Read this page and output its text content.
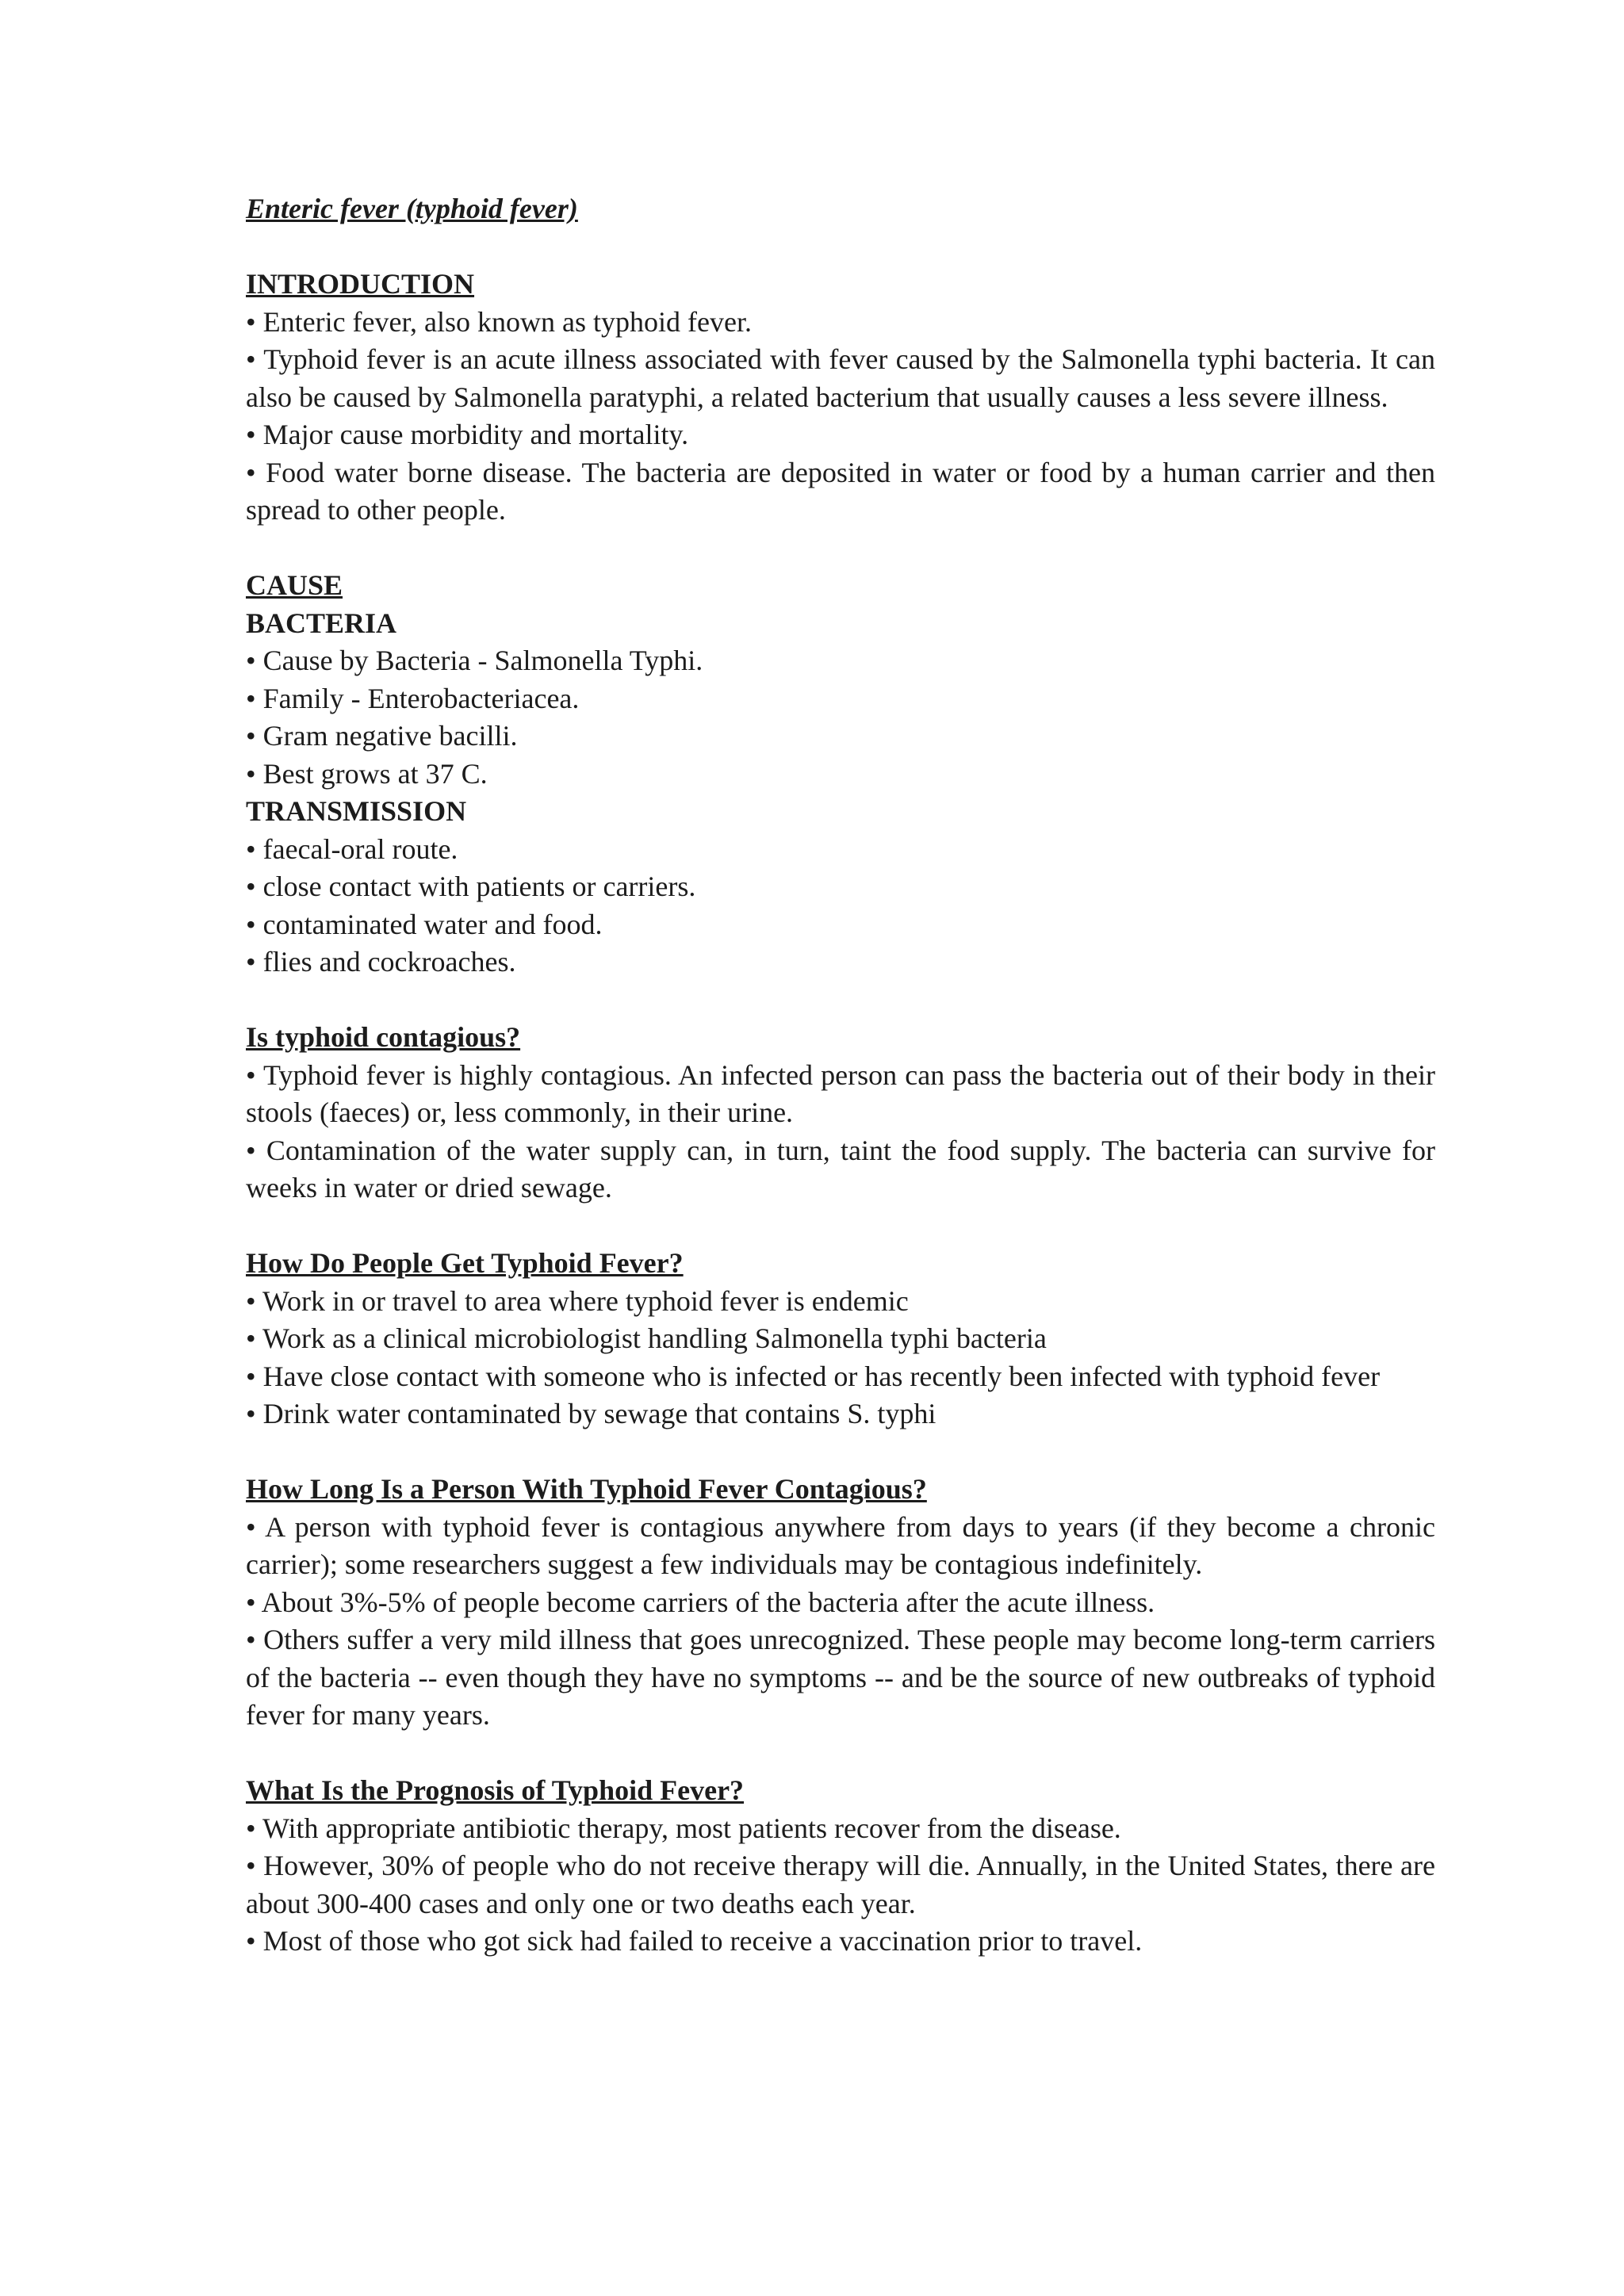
Enteric fever (typhoid fever)

INTRODUCTION

• Enteric fever, also known as typhoid fever.

• Typhoid fever is an acute illness associated with fever caused by the Salmonella typhi bacteria. It can also be caused by Salmonella paratyphi, a related bacterium that usually causes a less severe illness.

• Major cause morbidity and mortality.

• Food water borne disease. The bacteria are deposited in water or food by a human carrier and then spread to other people.

CAUSE

BACTERIA

• Cause by Bacteria - Salmonella Typhi.

• Family - Enterobacteriacea.

• Gram negative bacilli.

• Best grows at 37 C.

TRANSMISSION

• faecal-oral route.

• close contact with patients or carriers.

• contaminated water and food.

• flies and cockroaches.

Is typhoid contagious?

• Typhoid fever is highly contagious. An infected person can pass the bacteria out of their body in their stools (faeces) or, less commonly, in their urine.

• Contamination of the water supply can, in turn, taint the food supply. The bacteria can survive for weeks in water or dried sewage.

How Do People Get Typhoid Fever?

• Work in or travel to area where typhoid fever is endemic

• Work as a clinical microbiologist handling Salmonella typhi bacteria

• Have close contact with someone who is infected or has recently been infected with typhoid fever

• Drink water contaminated by sewage that contains S. typhi

How Long Is a Person With Typhoid Fever Contagious?

• A person with typhoid fever is contagious anywhere from days to years (if they become a chronic carrier); some researchers suggest a few individuals may be contagious indefinitely.

• About 3%-5% of people become carriers of the bacteria after the acute illness.

• Others suffer a very mild illness that goes unrecognized. These people may become long-term carriers of the bacteria -- even though they have no symptoms -- and be the source of new outbreaks of typhoid fever for many years.

What Is the Prognosis of Typhoid Fever?

• With appropriate antibiotic therapy, most patients recover from the disease.

• However, 30% of people who do not receive therapy will die. Annually, in the United States, there are about 300-400 cases and only one or two deaths each year.

• Most of those who got sick had failed to receive a vaccination prior to travel.
